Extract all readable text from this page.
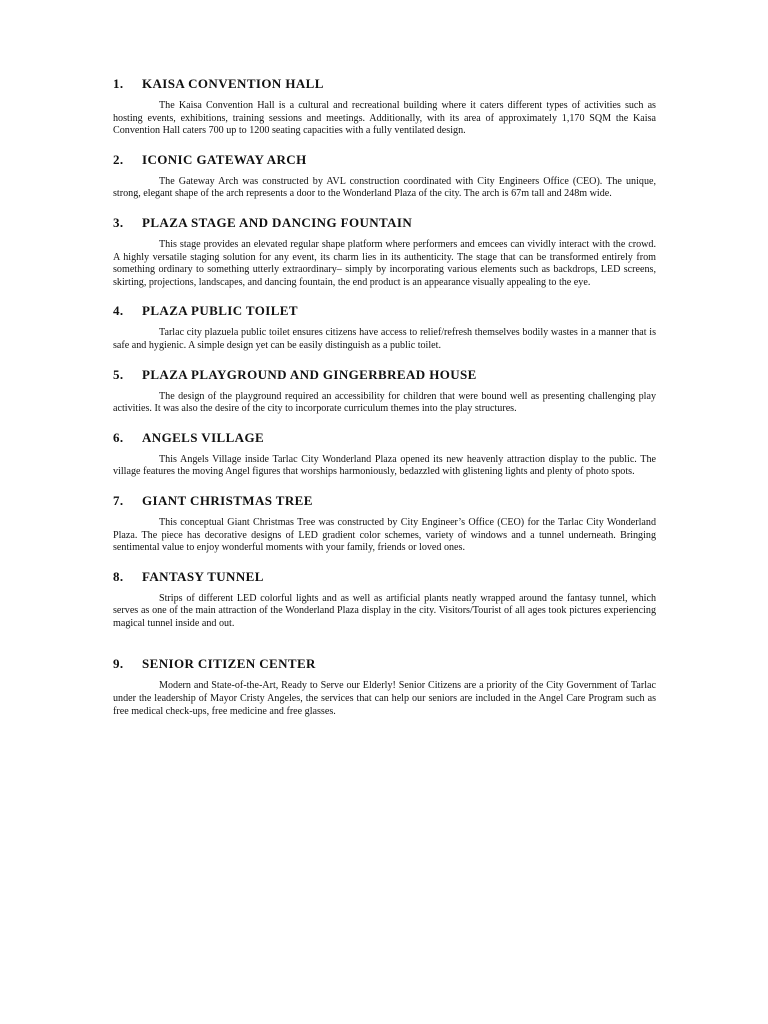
1.	KAISA CONVENTION HALL

The Kaisa Convention Hall is a cultural and recreational building where it caters different types of activities such as hosting events, exhibitions, training sessions and meetings. Additionally, with its area of approximately 1,170 SQM the Kaisa Convention Hall caters 700 up to 1200 seating capacities with a fully ventilated design.

2.	ICONIC GATEWAY ARCH

The Gateway Arch was constructed by AVL construction coordinated with City Engineers Office (CEO). The unique, strong, elegant shape of the arch represents a door to the Wonderland Plaza of the city. The arch is 67m tall and 248m wide.

3.	PLAZA STAGE AND DANCING FOUNTAIN

This stage provides an elevated regular shape platform where performers and emcees can vividly interact with the crowd. A highly versatile staging solution for any event, its charm lies in its authenticity. The stage that can be transformed entirely from something ordinary to something utterly extraordinary– simply by incorporating various elements such as backdrops, LED screens, skirting, projections, landscapes, and dancing fountain, the end product is an appearance visually appealing to the eye.

4.	PLAZA PUBLIC TOILET

Tarlac city plazuela public toilet ensures citizens have access to relief/refresh themselves bodily wastes in a manner that is safe and hygienic. A simple design yet can be easily distinguish as a public toilet.

5.	PLAZA PLAYGROUND AND GINGERBREAD HOUSE

The design of the playground required an accessibility for children that were bound well as presenting challenging play activities. It was also the desire of the city to incorporate curriculum themes into the play structures.

6.	ANGELS VILLAGE

This Angels Village inside Tarlac City Wonderland Plaza opened its new heavenly attraction display to the public. The village features the moving Angel figures that worships harmoniously, bedazzled with glistening lights and plenty of photo spots.

7.	GIANT CHRISTMAS TREE

This conceptual Giant Christmas Tree was constructed by City Engineer’s Office (CEO) for the Tarlac City Wonderland Plaza. The piece has decorative designs of LED gradient color schemes, variety of windows and a tunnel underneath. Bringing sentimental value to enjoy wonderful moments with your family, friends or loved ones.

8.	FANTASY TUNNEL

Strips of different LED colorful lights and as well as artificial plants neatly wrapped around the fantasy tunnel, which serves as one of the main attraction of the Wonderland Plaza display in the city. Visitors/Tourist of all ages took pictures experiencing magical tunnel inside and out.

9.	SENIOR CITIZEN CENTER

Modern and State-of-the-Art, Ready to Serve our Elderly! Senior Citizens are a priority of the City Government of Tarlac under the leadership of Mayor Cristy Angeles, the services that can help our seniors are included in the Angel Care Program such as free medical check-ups, free medicine and free glasses.
